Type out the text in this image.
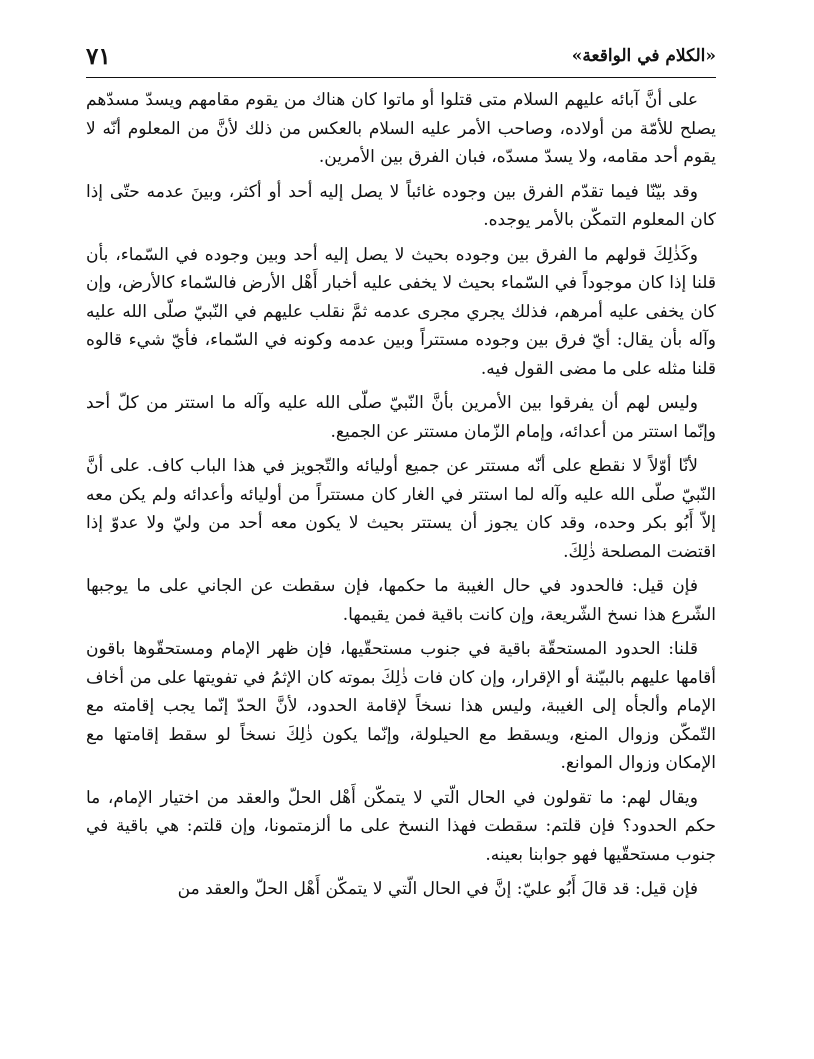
٧١	«الكلام في الواقعة»

على أنَّ آبائه عليهم السلام متى قتلوا أو ماتوا كان هناك من يقوم مقامهم ويسدّ مسدّهم يصلح للأمّة من أولاده، وصاحب الأمر عليه السلام بالعكس من ذلك لأنَّ من المعلوم أنّه لا يقوم أحد مقامه، ولا يسدّ مسدّه، فبان الفرق بين الأمرين.

وقد بيّنّا فيما تقدّم الفرق بين وجوده غائباً لا يصل إليه أحد أو أكثر، وبينَ عدمه حتّى إذا كان المعلوم التمكّن بالأمر يوجده.

وكَذٰلِكَ قولهم ما الفرق بين وجوده بحيث لا يصل إليه أحد وبين وجوده في السّماء، بأن قلنا إذا كان موجوداً في السّماء بحيث لا يخفى عليه أخبار أَهْل الأرض فالسّماء كالأرض، وإن كان يخفى عليه أمرهم، فذلك يجري مجرى عدمه ثمَّ نقلب عليهم في النّبيّ صلّى الله عليه وآله بأن يقال: أيّ فرق بين وجوده مستتراً وبين عدمه وكونه في السّماء، فأيّ شيء قالوه قلنا مثله على ما مضى القول فيه.

وليس لهم أن يفرقوا بين الأمرين بأنَّ النّبيّ صلّى الله عليه وآله ما استتر من كلّ أحد وإنّما استتر من أعدائه، وإمام الزّمان مستتر عن الجميع.

لأنّا أوّلاً لا نقطع على أنّه مستتر عن جميع أوليائه والتّجويز في هذا الباب كاف. على أنَّ النّبيّ صلّى الله عليه وآله لما استتر في الغار كان مستتراً من أوليائه وأعدائه ولم يكن معه إلاّ أَبُو بكر وحده، وقد كان يجوز أن يستتر بحيث لا يكون معه أحد من وليّ ولا عدوّ إذا اقتضت المصلحة ذٰلِكَ.

فإن قيل: فالحدود في حال الغيبة ما حكمها، فإن سقطت عن الجاني على ما يوجبها الشّرع هذا نسخ الشّريعة، وإن كانت باقية فمن يقيمها.

قلنا: الحدود المستحقّة باقية في جنوب مستحقّيها، فإن ظهر الإمام ومستحقّوها باقون أقامها عليهم بالبيّنة أو الإقرار، وإن كان فات ذٰلِكَ بموته كان الإثمُ في تفويتها على من أخاف الإمام وألجأه إلى الغيبة، وليس هذا نسخاً لإقامة الحدود، لأنَّ الحدّ إنّما يجب إقامته مع التّمكّن وزوال المنع، ويسقط مع الحيلولة، وإنّما يكون ذٰلِكَ نسخاً لو سقط إقامتها مع الإمكان وزوال الموانع.

ويقال لهم: ما تقولون في الحال الّتي لا يتمكّن أَهْل الحلّ والعقد من اختيار الإمام، ما حكم الحدود؟ فإن قلتم: سقطت فهذا النسخ على ما ألزمتمونا، وإن قلتم: هي باقية في جنوب مستحقّيها فهو جوابنا بعينه.

فإن قيل: قد قالَ أَبُو عليّ: إنَّ في الحال الّتي لا يتمكّن أَهْل الحلّ والعقد من
